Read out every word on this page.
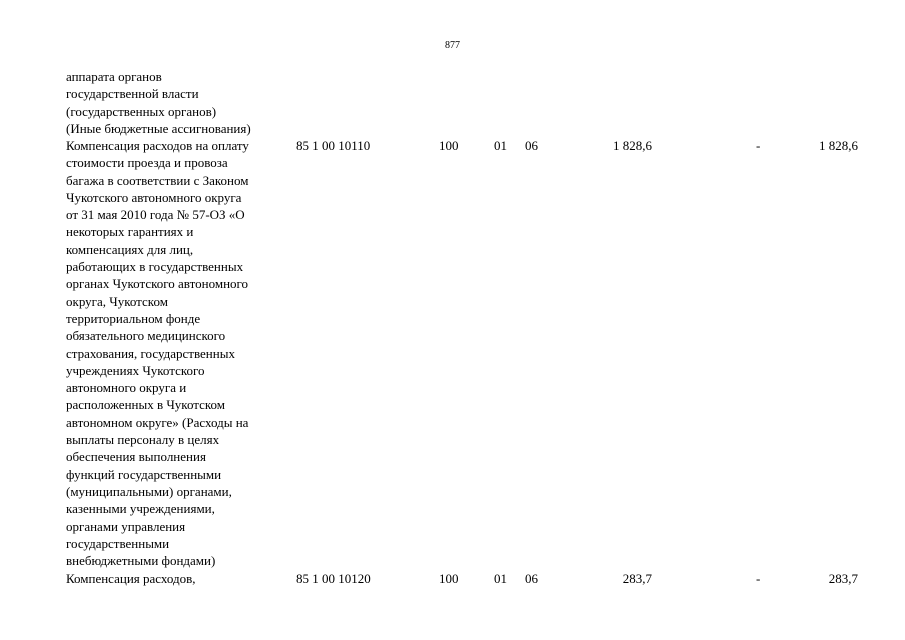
877
аппарата органов
государственной власти
(государственных органов)
(Иные бюджетные ассигнования)
Компенсация расходов на оплату
стоимости проезда и провоза
багажа в соответствии с Законом
Чукотского автономного округа
от 31 мая 2010 года № 57-ОЗ «О
некоторых гарантиях и
компенсациях для лиц,
работающих в государственных
органах Чукотского автономного
округа, Чукотском
территориальном фонде
обязательного медицинского
страхования, государственных
учреждениях Чукотского
автономного округа и
расположенных в Чукотском
автономном округе» (Расходы на
выплаты персоналу в целях
обеспечения выполнения
функций государственными
(муниципальными) органами,
казенными учреждениями,
органами управления
государственными
внебюджетными фондами)
85 1 00 10110	100	01 06	1 828,6	-	1 828,6
Компенсация расходов,	85 1 00 10120	100	01 06	283,7	-	283,7
